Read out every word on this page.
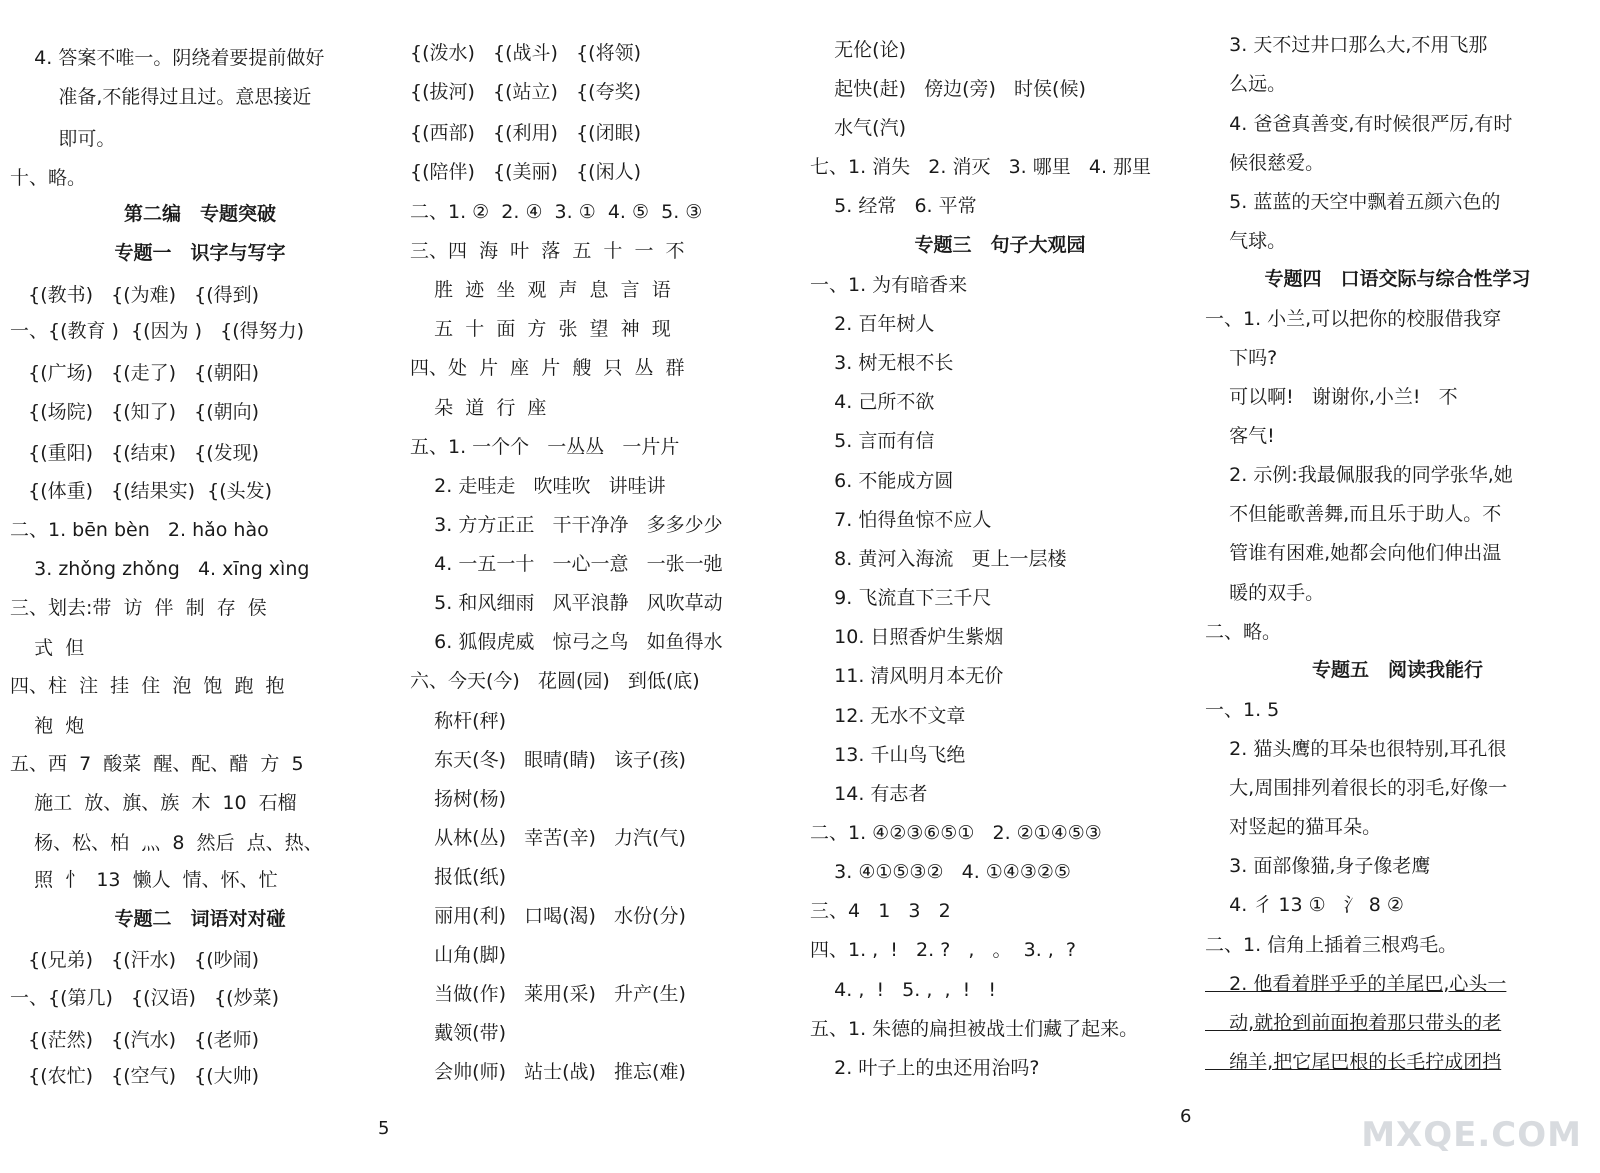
4. 答案不唯一。阴绕着要提前做好
准备,不能得过且过。意思接近
即可。
十、略。
第二编　专题突破
专题一　识字与写字
{(教书)   {(为难)   {(得到)
一、{(教育 )  {(因为 )   {(得努力)
{(广场)   {(走了)   {(朝阳)
{(场院)   {(知了)   {(朝向)
{(重阳)   {(结束)   {(发现)
{(体重)   {(结果实)  {(头发)
二、1. bēn bèn   2. hǎo hào
3. zhǒng zhǒng   4. xīng xìng
三、划去:带  访  伴  制  存  侯
式  但
四、柱  注  挂  住  泡  饱  跑  抱
袍  炮
五、西  7  酸菜  醒、配、醋  方  5
施工  放、旗、族  木  10  石榴
杨、松、柏  灬  8  然后  点、热、
照  忄  13  懒人  情、怀、忙
专题二　词语对对碰
{(兄弟)   {(汗水)   {(吵闹)
一、{(第几)   {(汉语)   {(炒菜)
{(茫然)   {(汽水)   {(老师)
{(农忙)   {(空气)   {(大帅)
{(泼水)   {(战斗)   {(将领)
{(拔河)   {(站立)   {(夸奖)
{(西部)   {(利用)   {(闭眼)
{(陪伴)   {(美丽)   {(闲人)
二、1. ②  2. ④  3. ①  4. ⑤  5. ③
三、四  海  叶  落  五  十  一  不
胜  迹  坐  观  声  息  言  语
五  十  面  方  张  望  神  现
四、处  片  座  片  艘  只  丛  群
朵  道  行  座
五、1. 一个个   一丛丛   一片片
2. 走哇走   吹哇吹   讲哇讲
3. 方方正正   干干净净   多多少少
4. 一五一十   一心一意   一张一弛
5. 和风细雨   风平浪静   风吹草动
6. 狐假虎威   惊弓之鸟   如鱼得水
六、今天(今)   花圆(园)   到低(底)
称杆(秤)
东天(冬)   眼晴(睛)   该子(孩)
扬树(杨)
从林(丛)   幸苦(辛)   力汽(气)
报低(纸)
丽用(利)   口喝(渴)   水份(分)
山角(脚)
当做(作)   莱用(采)   升产(生)
戴领(带)
会帅(师)   站士(战)   推忘(难)
无伦(论)
起快(赶)   傍边(旁)   时侯(候)
水气(汽)
七、1. 消失   2. 消灭   3. 哪里   4. 那里
5. 经常   6. 平常
专题三　句子大观园
一、1. 为有暗香来
2. 百年树人
3. 树无根不长
4. 己所不欲
5. 言而有信
6. 不能成方圆
7. 怕得鱼惊不应人
8. 黄河入海流   更上一层楼
9. 飞流直下三千尺
10. 日照香炉生紫烟
11. 清风明月本无价
12. 无水不文章
13. 千山鸟飞绝
14. 有志者
二、1. ④②③⑥⑤①   2. ②①④⑤③
3. ④①⑤③②   4. ①④③②⑤
三、4   1   3   2
四、1. ,  !   2. ?   ,   。  3. ,  ?
4. ,  !   5. ,  ,  !   !
五、1. 朱德的扁担被战士们藏了起来。
2. 叶子上的虫还用治吗?
3. 天不过井口那么大,不用飞那
么远。
4. 爸爸真善变,有时候很严厉,有时
候很慈爱。
5. 蓝蓝的天空中飘着五颜六色的
气球。
专题四　口语交际与综合性学习
一、1. 小兰,可以把你的校服借我穿
下吗?
可以啊!   谢谢你,小兰!   不
客气!
2. 示例:我最佩服我的同学张华,她
不但能歌善舞,而且乐于助人。不
管谁有困难,她都会向他们伸出温
暖的双手。
二、略。
专题五　阅读我能行
一、1. 5
2. 猫头鹰的耳朵也很特别,耳孔很
大,周围排列着很长的羽毛,好像一
对竖起的猫耳朵。
3. 面部像猫,身子像老鹰
4. 彳 13 ①   氵 8 ②
二、1. 信角上插着三根鸡毛。
2. 他看着胖乎乎的羊尾巴,心头一
动,就抢到前面抱着那只带头的老
绵羊,把它尾巴根的长毛拧成团挡
5
6	MXQE.COM
